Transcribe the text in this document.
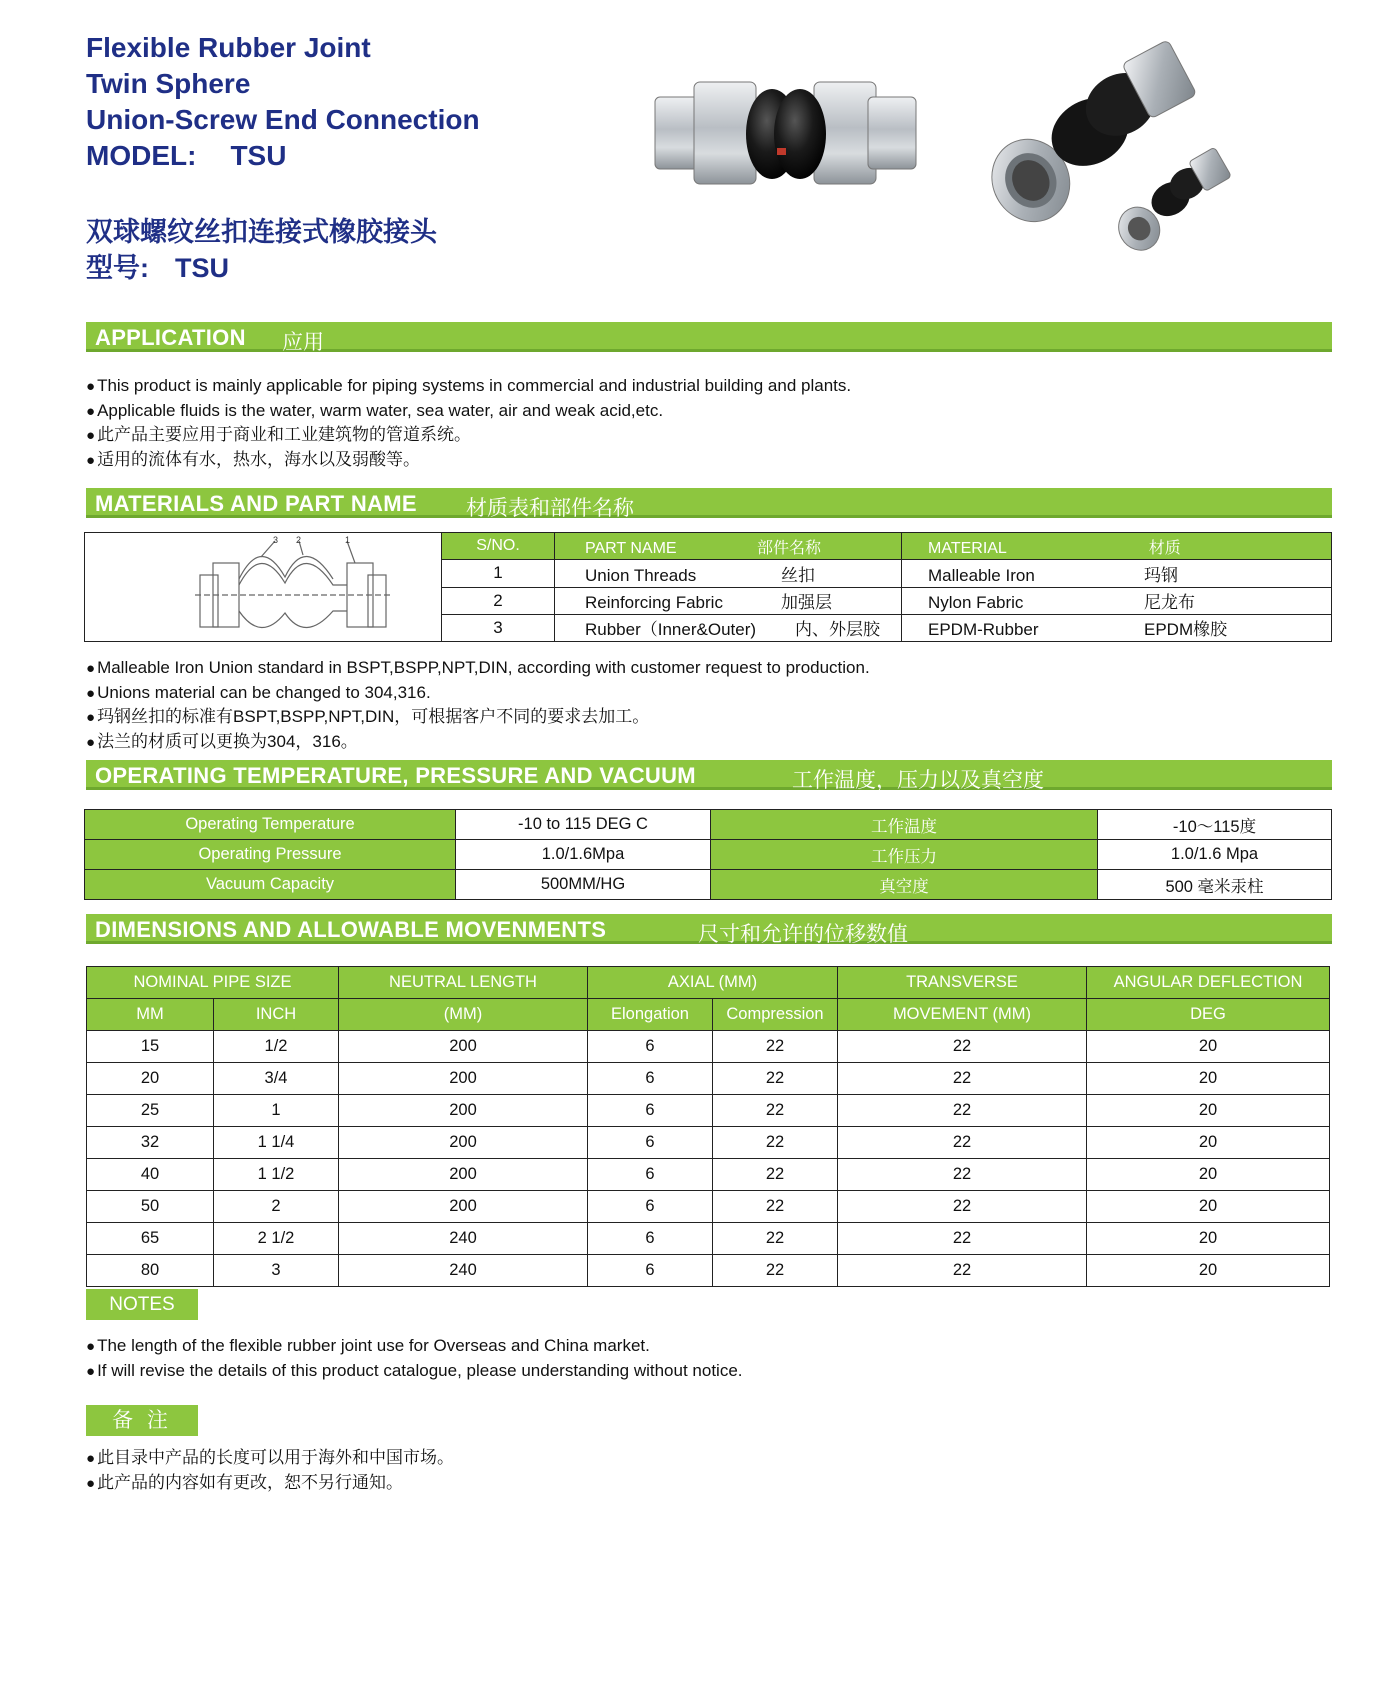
Flexible Rubber Joint
Twin Sphere
Union-Screw End Connection
MODEL: TSU
双球螺纹丝扣连接式橡胶接头
型号: TSU
APPLICATION 应用
● This product is mainly applicable for piping systems in commercial and industrial building and plants.
● Applicable fluids is the water, warm water, sea water, air and weak acid,etc.
● 此产品主要应用于商业和工业建筑物的管道系统。
● 适用的流体有水，热水，海水以及弱酸等。
MATERIALS AND PART NAME 材质表和部件名称
3 2 1	S/NO.	PART NAME 部件名称	MATERIAL 材质
	1	Union Threads 丝扣	Malleable Iron 玛钢
	2	Reinforcing Fabric 加强层	Nylon Fabric 尼龙布
	3	Rubber（Inner&Outer) 内、外层胶	EPDM-Rubber EPDM橡胶
● Malleable Iron Union standard in BSPT,BSPP,NPT,DIN, according with customer request to production.
● Unions material can be changed to 304,316.
● 玛钢丝扣的标准有BSPT,BSPP,NPT,DIN，可根据客户不同的要求去加工。
● 法兰的材质可以更换为304，316。
OPERATING TEMPERATURE, PRESSURE AND VACUUM	工作温度，压力以及真空度
Operating Temperature	-10 to 115 DEG C	工作温度	-10～115度
Operating Pressure	1.0/1.6Mpa	工作压力	1.0/1.6 Mpa
Vacuum Capacity	500MM/HG	真空度	500 毫米汞柱
DIMENSIONS AND ALLOWABLE MOVENMENTS	尺寸和允许的位移数值
NOMINAL PIPE SIZE		NEUTRAL LENGTH	AXIAL (MM)		TRANSVERSE	ANGULAR DEFLECTION
MM	INCH	(MM)	Elongation	Compression	MOVEMENT (MM)	DEG
15	1/2	200	6	22	22	20
20	3/4	200	6	22	22	20
25	1	200	6	22	22	20
32	1 1/4	200	6	22	22	20
40	1 1/2	200	6	22	22	20
50	2	200	6	22	22	20
65	2 1/2	240	6	22	22	20
80	3	240	6	22	22	20
NOTES
● The length of the flexible rubber joint use for Overseas and China market.
● If will revise the details of this product catalogue, please understanding without notice.
备 注
● 此目录中产品的长度可以用于海外和中国市场。
● 此产品的内容如有更改，恕不另行通知。
